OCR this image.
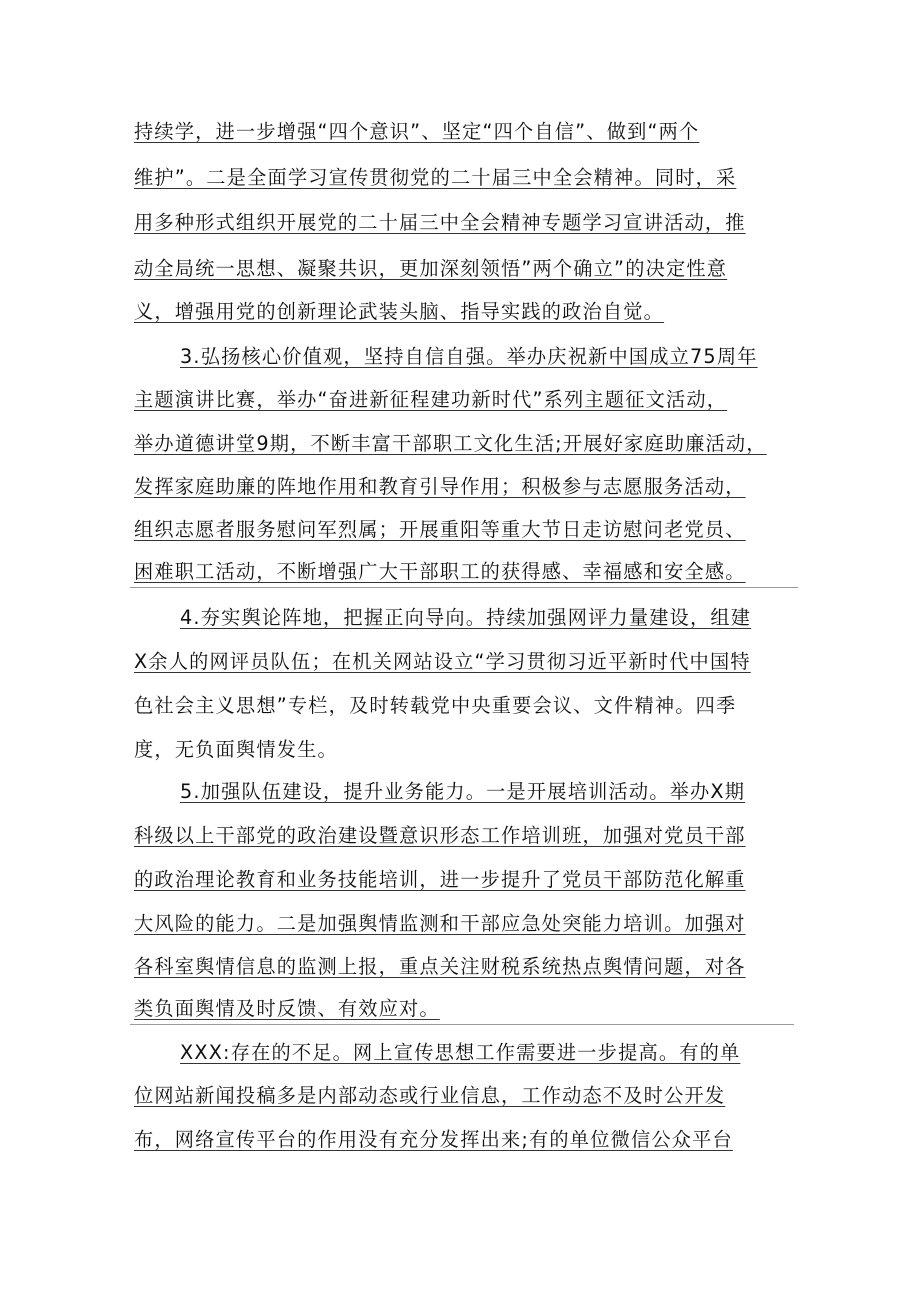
持续学，进一步增强“四个意识”、坚定“四个自信”、做到“两个
维护”。二是全面学习宣传贯彻党的二十届三中全会精神。同时，采
用多种形式组织开展党的二十届三中全会精神专题学习宣讲活动，推
动全局统一思想、凝聚共识，更加深刻领悟”两个确立”的决定性意
义，增强用党的创新理论武装头脑、指导实践的政治自觉。
3.弘扬核心价值观，坚持自信自强。举办庆祝新中国成立75周年
主题演讲比赛，举办“奋进新征程建功新时代”系列主题征文活动，
举办道德讲堂9期，不断丰富干部职工文化生活;开展好家庭助廉活动，
发挥家庭助廉的阵地作用和教育引导作用；积极参与志愿服务活动，
组织志愿者服务慰问军烈属；开展重阳等重大节日走访慰问老党员、
困难职工活动，不断增强广大干部职工的获得感、幸福感和安全感。
4.夯实舆论阵地，把握正向导向。持续加强网评力量建设，组建
X余人的网评员队伍；在机关网站设立“学习贯彻习近平新时代中国特
色社会主义思想”专栏，及时转载党中央重要会议、文件精神。四季
度，无负面舆情发生。
5.加强队伍建设，提升业务能力。一是开展培训活动。举办X期
科级以上干部党的政治建设暨意识形态工作培训班，加强对党员干部
的政治理论教育和业务技能培训，进一步提升了党员干部防范化解重
大风险的能力。二是加强舆情监测和干部应急处突能力培训。加强对
各科室舆情信息的监测上报，重点关注财税系统热点舆情问题，对各
类负面舆情及时反馈、有效应对。
XXX:存在的不足。网上宣传思想工作需要进一步提高。有的单
位网站新闻投稿多是内部动态或行业信息，工作动态不及时公开发
布，网络宣传平台的作用没有充分发挥出来;有的单位微信公众平台
